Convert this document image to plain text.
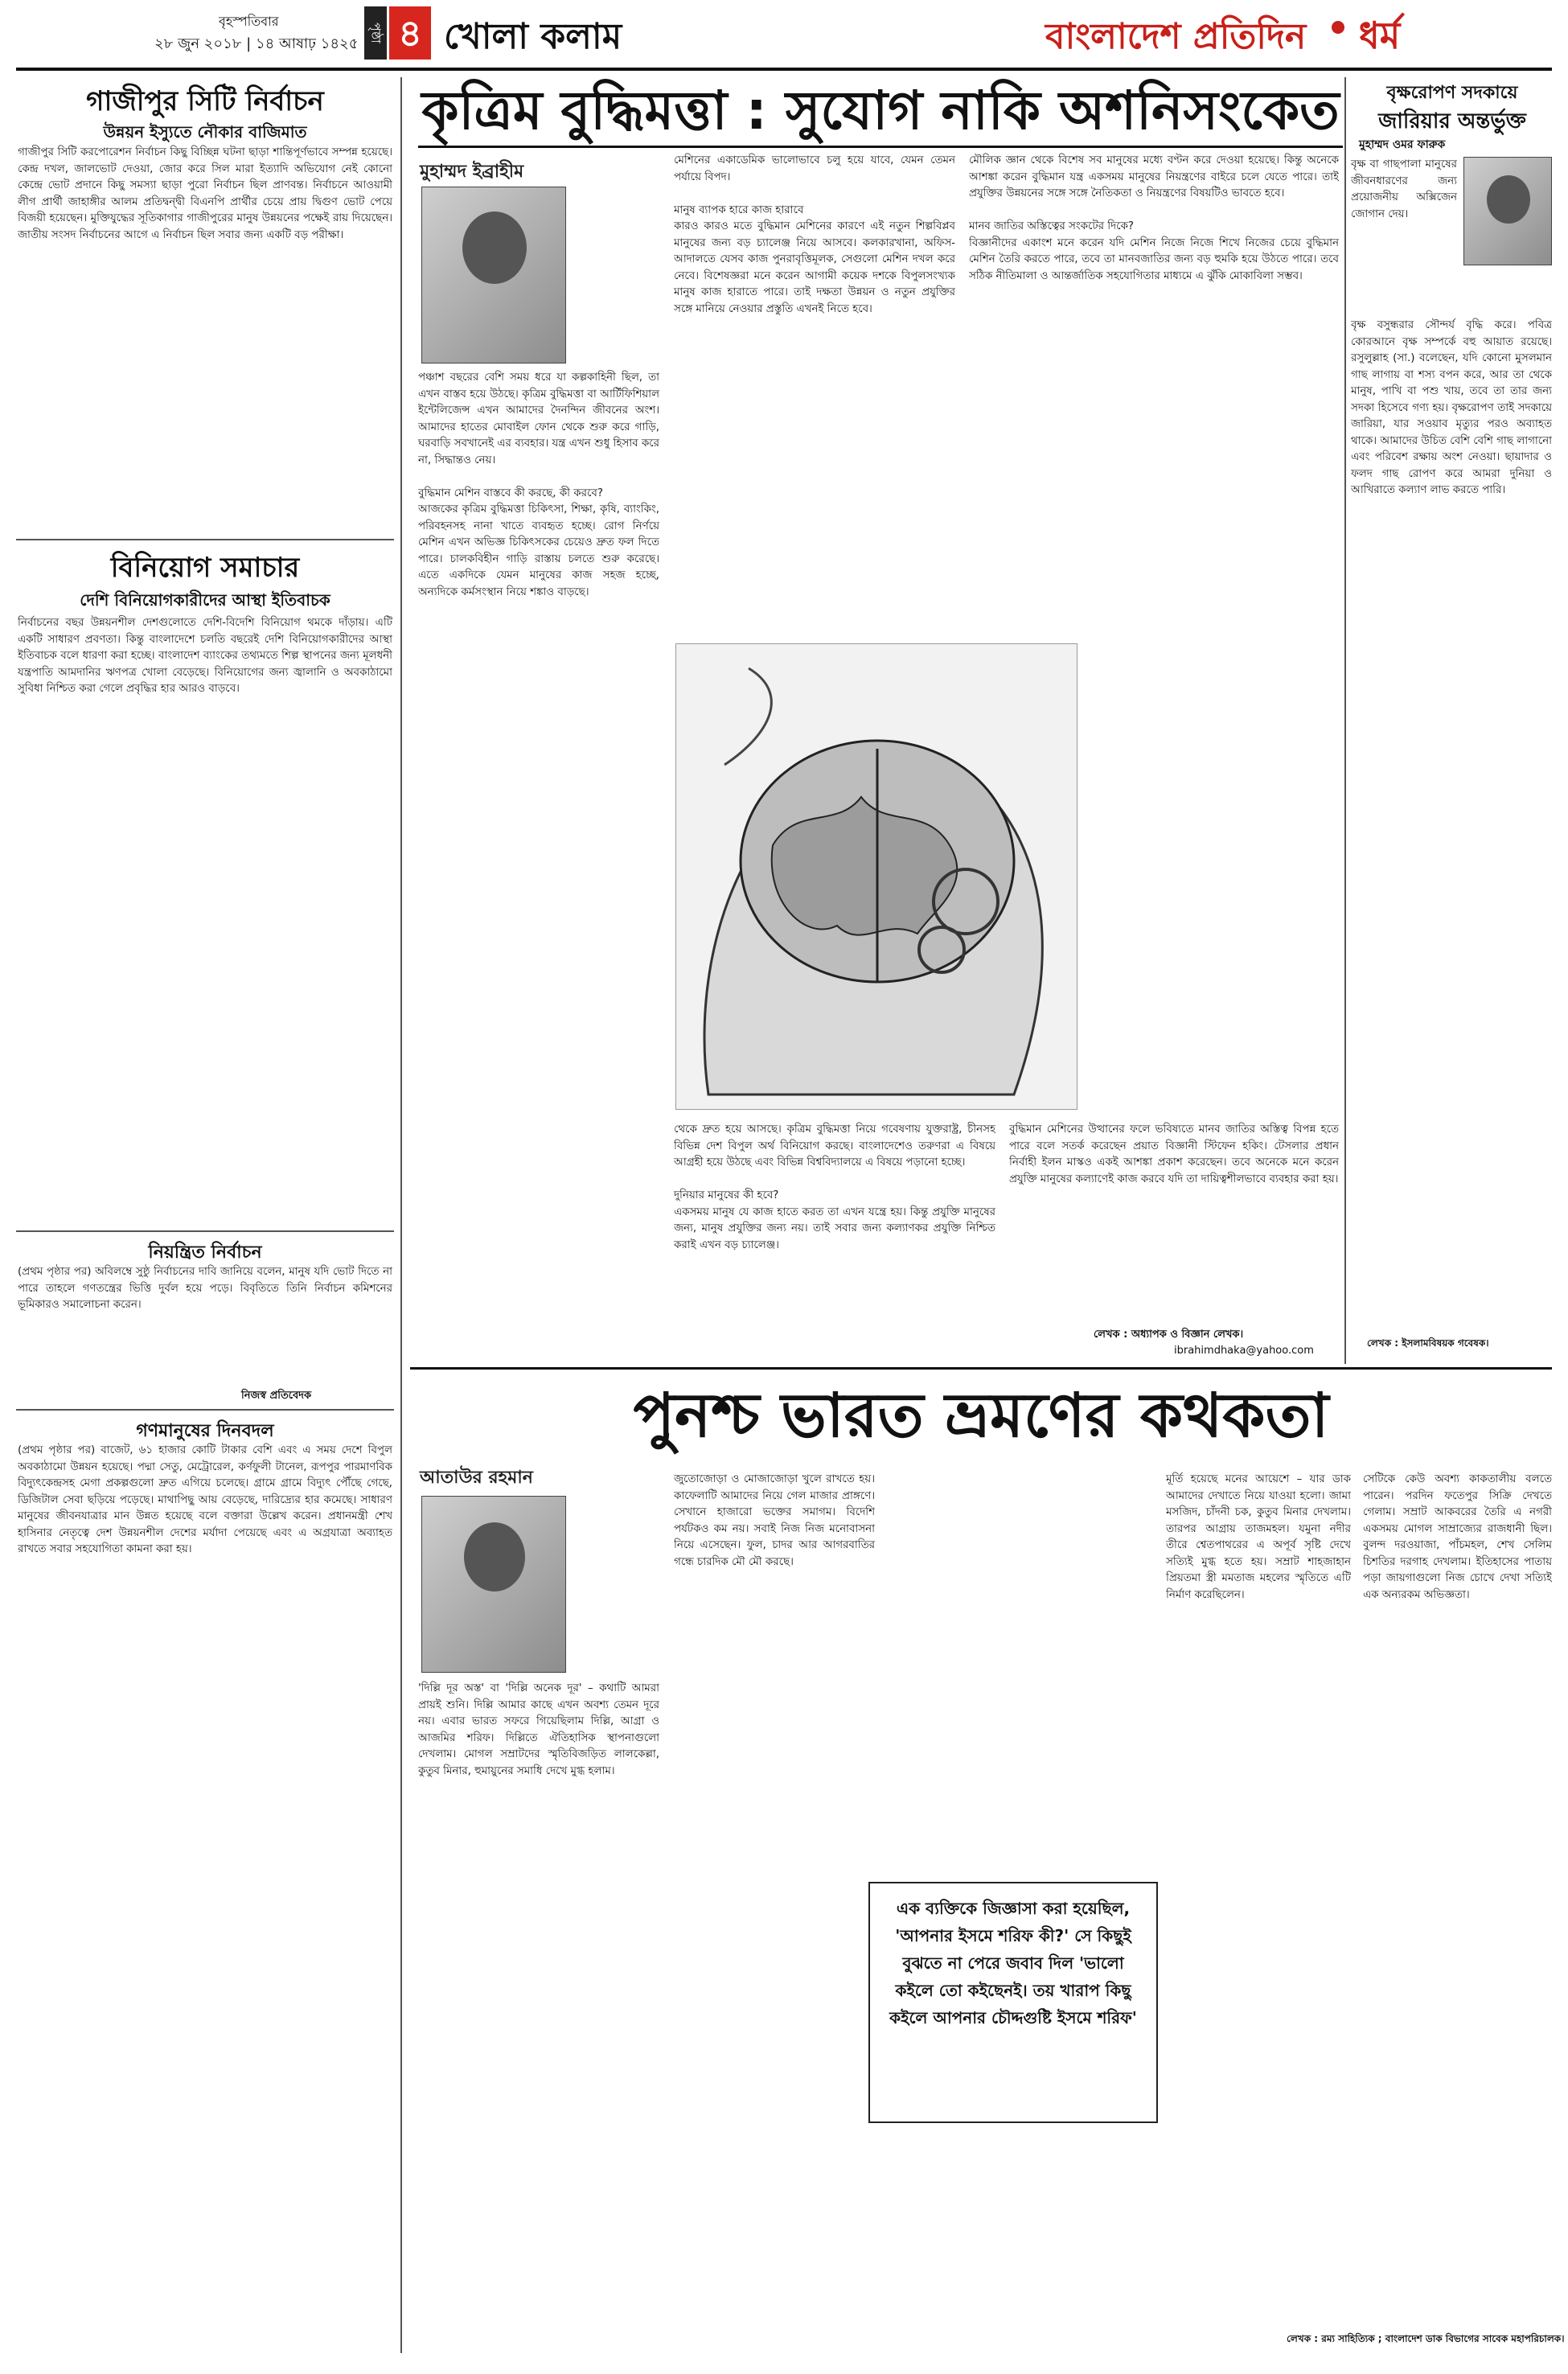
বৃহস্পতিবার
২৮ জুন ২০১৮ | ১৪ আষাঢ় ১৪২৫
পৃষ্ঠা ৪ খোলা কলাম	বাংলাদেশ প্রতিদিন ধর্ম
গাজীপুর সিটি নির্বাচন
উন্নয়ন ইস্যুতে নৌকার বাজিমাত
গাজীপুর সিটি করপোরেশন নির্বাচন কিছু বিচ্ছিন্ন ঘটনা ছাড়া শান্তিপূর্ণভাবে সম্পন্ন হয়েছে। কেন্দ্র দখল, জালভোট দেওয়া, জোর করে সিল মারা ইত্যাদি অভিযোগ নেই কোনো কেন্দ্রে ভোট প্রদানে কিছু সমস্যা ছাড়া পুরো নির্বাচন ছিল প্রাণবন্ত। নির্বাচনে আওয়ামী লীগ প্রার্থী জাহাঙ্গীর আলম প্রতিদ্বন্দ্বী বিএনপি প্রার্থীর চেয়ে প্রায় দ্বিগুণ ভোট পেয়ে বিজয়ী হয়েছেন। মুক্তিযুদ্ধের সূতিকাগার গাজীপুরের মানুষ উন্নয়নের পক্ষেই রায় দিয়েছেন। জাতীয় সংসদ নির্বাচনের আগে এ নির্বাচন ছিল সবার জন্য একটি বড় পরীক্ষা।
বিনিয়োগ সমাচার
দেশি বিনিয়োগকারীদের আস্থা ইতিবাচক
নির্বাচনের বছর উন্নয়নশীল দেশগুলোতে দেশি-বিদেশি বিনিয়োগ থমকে দাঁড়ায়। এটি একটি সাধারণ প্রবণতা। কিন্তু বাংলাদেশে চলতি বছরেই দেশি বিনিয়োগকারীদের আস্থা ইতিবাচক বলে ধারণা করা হচ্ছে। বাংলাদেশ ব্যাংকের তথ্যমতে শিল্প স্থাপনের জন্য মূলধনী যন্ত্রপাতি আমদানির ঋণপত্র খোলা বেড়েছে। বিনিয়োগের জন্য জ্বালানি ও অবকাঠামো সুবিধা নিশ্চিত করা গেলে প্রবৃদ্ধির হার আরও বাড়বে।
নিয়ন্ত্রিত নির্বাচন
(প্রথম পৃষ্ঠার পর) অবিলম্বে সুষ্ঠু নির্বাচনের দাবি জানিয়ে বলেন, মানুষ যদি ভোট দিতে না পারে তাহলে গণতন্ত্রের ভিত্তি দুর্বল হয়ে পড়ে। বিবৃতিতে তিনি নির্বাচন কমিশনের ভূমিকারও সমালোচনা করেন।
নিজস্ব প্রতিবেদক
গণমানুষের দিনবদল
(প্রথম পৃষ্ঠার পর) বাজেট, ৬১ হাজার কোটি টাকার বেশি এবং এ সময় দেশে বিপুল অবকাঠামো উন্নয়ন হয়েছে। পদ্মা সেতু, মেট্রোরেল, কর্ণফুলী টানেল, রূপপুর পারমাণবিক বিদ্যুৎকেন্দ্রসহ মেগা প্রকল্পগুলো দ্রুত এগিয়ে চলেছে। গ্রামে গ্রামে বিদ্যুৎ পৌঁছে গেছে, ডিজিটাল সেবা ছড়িয়ে পড়েছে। মাথাপিছু আয় বেড়েছে, দারিদ্র্যের হার কমেছে। সাধারণ মানুষের জীবনযাত্রার মান উন্নত হয়েছে বলে বক্তারা উল্লেখ করেন। প্রধানমন্ত্রী শেখ হাসিনার নেতৃত্বে দেশ উন্নয়নশীল দেশের মর্যাদা পেয়েছে এবং এ অগ্রযাত্রা অব্যাহত রাখতে সবার সহযোগিতা কামনা করা হয়।
কৃত্রিম বুদ্ধিমত্তা : সুযোগ নাকি অশনিসংকেত
মুহাম্মদ ইব্রাহীম
পঞ্চাশ বছরের বেশি সময় ধরে যা কল্পকাহিনী ছিল, তা এখন বাস্তব হয়ে উঠছে। কৃত্রিম বুদ্ধিমত্তা বা আর্টিফিশিয়াল ইন্টেলিজেন্স এখন আমাদের দৈনন্দিন জীবনের অংশ। আমাদের হাতের মোবাইল ফোন থেকে শুরু করে গাড়ি, ঘরবাড়ি সবখানেই এর ব্যবহার। যন্ত্র এখন শুধু হিসাব করে না, সিদ্ধান্তও নেয়।

বুদ্ধিমান মেশিন বাস্তবে কী করছে, কী করবে?
আজকের কৃত্রিম বুদ্ধিমত্তা চিকিৎসা, শিক্ষা, কৃষি, ব্যাংকিং, পরিবহনসহ নানা খাতে ব্যবহৃত হচ্ছে। রোগ নির্ণয়ে মেশিন এখন অভিজ্ঞ চিকিৎসকের চেয়েও দ্রুত ফল দিতে পারে। চালকবিহীন গাড়ি রাস্তায় চলতে শুরু করেছে। এতে একদিকে যেমন মানুষের কাজ সহজ হচ্ছে, অন্যদিকে কর্মসংস্থান নিয়ে শঙ্কাও বাড়ছে।
মেশিনের একাডেমিক ভালোভাবে চলু হয়ে যাবে, যেমন তেমন পর্যায়ে বিপদ।

মানুষ ব্যাপক হারে কাজ হারাবে
কারও কারও মতে বুদ্ধিমান মেশিনের কারণে এই নতুন শিল্পবিপ্লব মানুষের জন্য বড় চ্যালেঞ্জ নিয়ে আসবে। কলকারখানা, অফিস-আদালতে যেসব কাজ পুনরাবৃত্তিমূলক, সেগুলো মেশিন দখল করে নেবে। বিশেষজ্ঞরা মনে করেন আগামী কয়েক দশকে বিপুলসংখ্যক মানুষ কাজ হারাতে পারে। তাই দক্ষতা উন্নয়ন ও নতুন প্রযুক্তির সঙ্গে মানিয়ে নেওয়ার প্রস্তুতি এখনই নিতে হবে।
মৌলিক জ্ঞান থেকে বিশেষ সব মানুষের মধ্যে বণ্টন করে দেওয়া হয়েছে। কিন্তু অনেকে আশঙ্কা করেন বুদ্ধিমান যন্ত্র একসময় মানুষের নিয়ন্ত্রণের বাইরে চলে যেতে পারে। তাই প্রযুক্তির উন্নয়নের সঙ্গে সঙ্গে নৈতিকতা ও নিয়ন্ত্রণের বিষয়টিও ভাবতে হবে।

মানব জাতির অস্তিত্বের সংকটের দিকে?
বিজ্ঞানীদের একাংশ মনে করেন যদি মেশিন নিজে নিজে শিখে নিজের চেয়ে বুদ্ধিমান মেশিন তৈরি করতে পারে, তবে তা মানবজাতির জন্য বড় হুমকি হয়ে উঠতে পারে। তবে সঠিক নীতিমালা ও আন্তর্জাতিক সহযোগিতার মাধ্যমে এ ঝুঁকি মোকাবিলা সম্ভব।
থেকে দ্রুত হয়ে আসছে। কৃত্রিম বুদ্ধিমত্তা নিয়ে গবেষণায় যুক্তরাষ্ট্র, চীনসহ বিভিন্ন দেশ বিপুল অর্থ বিনিয়োগ করছে। বাংলাদেশেও তরুণরা এ বিষয়ে আগ্রহী হয়ে উঠছে এবং বিভিন্ন বিশ্ববিদ্যালয়ে এ বিষয়ে পড়ানো হচ্ছে।

দুনিয়ার মানুষের কী হবে?
একসময় মানুষ যে কাজ হাতে করত তা এখন যন্ত্রে হয়। কিন্তু প্রযুক্তি মানুষের জন্য, মানুষ প্রযুক্তির জন্য নয়। তাই সবার জন্য কল্যাণকর প্রযুক্তি নিশ্চিত করাই এখন বড় চ্যালেঞ্জ।
বুদ্ধিমান মেশিনের উত্থানের ফলে ভবিষ্যতে মানব জাতির অস্তিত্ব বিপন্ন হতে পারে বলে সতর্ক করেছেন প্রয়াত বিজ্ঞানী স্টিফেন হকিং। টেসলার প্রধান নির্বাহী ইলন মাস্কও একই আশঙ্কা প্রকাশ করেছেন। তবে অনেকে মনে করেন প্রযুক্তি মানুষের কল্যাণেই কাজ করবে যদি তা দায়িত্বশীলভাবে ব্যবহার করা হয়।
লেখক : অধ্যাপক ও বিজ্ঞান লেখক।
ibrahimdhaka@yahoo.com
বৃক্ষরোপণ সদকায়ে
জারিয়ার অন্তর্ভুক্ত
মুহাম্মদ ওমর ফারুক
বৃক্ষ বা গাছপালা মানুষের জীবনধারণের জন্য প্রয়োজনীয় অক্সিজেন জোগান দেয়।
বৃক্ষ বসুন্ধরার সৌন্দর্য বৃদ্ধি করে। পবিত্র কোরআনে বৃক্ষ সম্পর্কে বহু আয়াত রয়েছে। রসুলুল্লাহ (সা.) বলেছেন, যদি কোনো মুসলমান গাছ লাগায় বা শস্য বপন করে, আর তা থেকে মানুষ, পাখি বা পশু খায়, তবে তা তার জন্য সদকা হিসেবে গণ্য হয়। বৃক্ষরোপণ তাই সদকায়ে জারিয়া, যার সওয়াব মৃত্যুর পরও অব্যাহত থাকে। আমাদের উচিত বেশি বেশি গাছ লাগানো এবং পরিবেশ রক্ষায় অংশ নেওয়া। ছায়াদার ও ফলদ গাছ রোপণ করে আমরা দুনিয়া ও আখিরাতে কল্যাণ লাভ করতে পারি।
লেখক : ইসলামবিষয়ক গবেষক।
পুনশ্চ ভারত ভ্রমণের কথকতা
আতাউর রহমান
'দিল্লি দূর অস্ত' বা 'দিল্লি অনেক দূর' – কথাটি আমরা প্রায়ই শুনি। দিল্লি আমার কাছে এখন অবশ্য তেমন দূরে নয়। এবার ভারত সফরে গিয়েছিলাম দিল্লি, আগ্রা ও আজমির শরিফ। দিল্লিতে ঐতিহাসিক স্থাপনাগুলো দেখলাম। মোগল সম্রাটদের স্মৃতিবিজড়িত লালকেল্লা, কুতুব মিনার, হুমায়ুনের সমাধি দেখে মুগ্ধ হলাম।
জুতোজোড়া ও মোজাজোড়া খুলে রাখতে হয়। কাফেলাটি আমাদের নিয়ে গেল মাজার প্রাঙ্গণে। সেখানে হাজারো ভক্তের সমাগম। বিদেশি পর্যটকও কম নয়। সবাই নিজ নিজ মনোবাসনা নিয়ে এসেছেন। ফুল, চাদর আর আগরবাতির গন্ধে চারদিক মৌ মৌ করছে।
মূর্তি হয়েছে মনের আয়েশে – যার ডাক আমাদের দেখাতে নিয়ে যাওয়া হলো। জামা মসজিদ, চাঁদনী চক, কুতুব মিনার দেখলাম। তারপর আগ্রায় তাজমহল। যমুনা নদীর তীরে শ্বেতপাথরের এ অপূর্ব সৃষ্টি দেখে সত্যিই মুগ্ধ হতে হয়। সম্রাট শাহজাহান প্রিয়তমা স্ত্রী মমতাজ মহলের স্মৃতিতে এটি নির্মাণ করেছিলেন।
সেটিকে কেউ অবশ্য কাকতালীয় বলতে পারেন। পরদিন ফতেপুর সিক্রি দেখতে গেলাম। সম্রাট আকবরের তৈরি এ নগরী একসময় মোগল সাম্রাজ্যের রাজধানী ছিল। বুলন্দ দরওয়াজা, পাঁচমহল, শেখ সেলিম চিশতির দরগাহ দেখলাম। ইতিহাসের পাতায় পড়া জায়গাগুলো নিজ চোখে দেখা সত্যিই এক অন্যরকম অভিজ্ঞতা।
লেখক : রম্য সাহিত্যিক ; বাংলাদেশ ডাক বিভাগের সাবেক মহাপরিচালক।
এক ব্যক্তিকে জিজ্ঞাসা করা হয়েছিল, 'আপনার ইসমে শরিফ কী?' সে কিছুই বুঝতে না পেরে জবাব দিল 'ভালো কইলে তো কইছেনই। তয় খারাপ কিছু কইলে আপনার চৌদ্দগুষ্টি ইসমে শরিফ'
